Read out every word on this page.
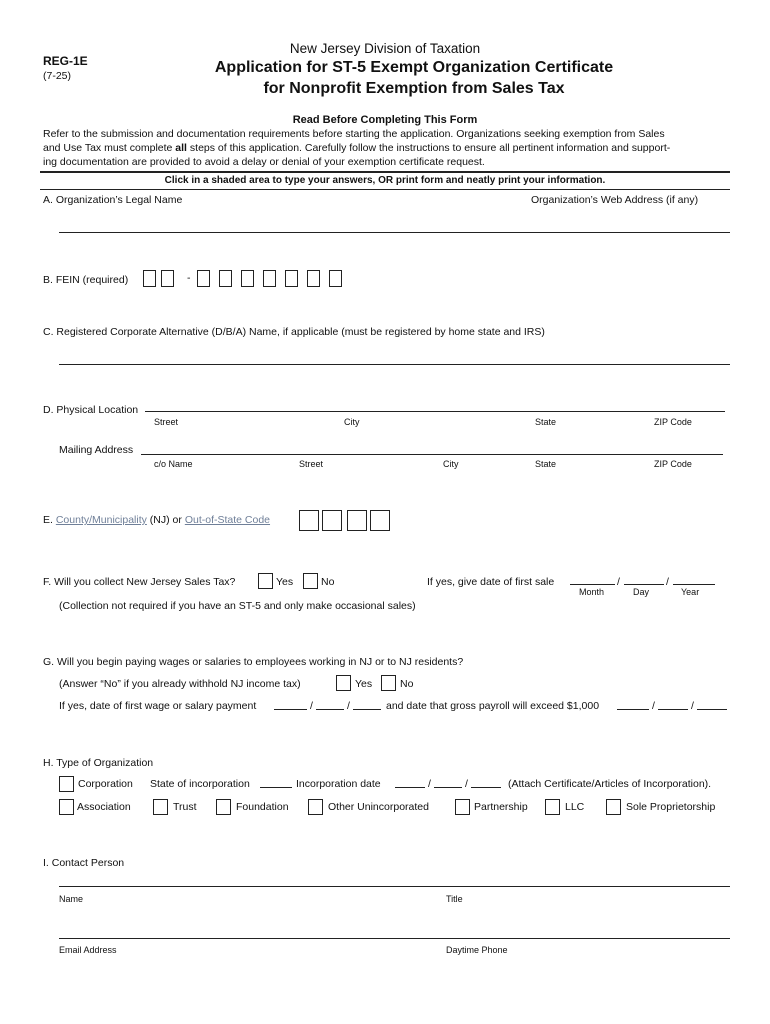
REG-1E
(7-25)
New Jersey Division of Taxation
Application for ST-5 Exempt Organization Certificate
for Nonprofit Exemption from Sales Tax
Read Before Completing This Form
Refer to the submission and documentation requirements before starting the application. Organizations seeking exemption from Sales
and Use Tax must complete all steps of this application. Carefully follow the instructions to ensure all pertinent information and support-
ing documentation are provided to avoid a delay or denial of your exemption certificate request.
Click in a shaded area to type your answers, OR print form and neatly print your information.
A. Organization’s Legal Name	Organization’s Web Address (if any)
B. FEIN (required)	-
C. Registered Corporate Alternative (D/B/A) Name, if applicable (must be registered by home state and IRS)
D. Physical Location
Street	City	State	ZIP Code
Mailing Address
c/o Name	Street	City	State	ZIP Code
E. County/Municipality (NJ) or Out-of-State Code
F. Will you collect New Jersey Sales Tax?	Yes	No	If yes, give date of first sale	/	/
Month	Day	Year
(Collection not required if you have an ST-5 and only make occasional sales)
G. Will you begin paying wages or salaries to employees working in NJ or to NJ residents?
(Answer “No” if you already withhold NJ income tax)	Yes	No
If yes, date of first wage or salary payment	/	/	and date that gross payroll will exceed $1,000	/	/
H. Type of Organization
Corporation State of incorporation	Incorporation date	/	/	(Attach Certificate/Articles of Incorporation).
Association	Trust	Foundation	Other Unincorporated	Partnership	LLC	Sole Proprietorship
I. Contact Person
Name	Title
Email Address	Daytime Phone
